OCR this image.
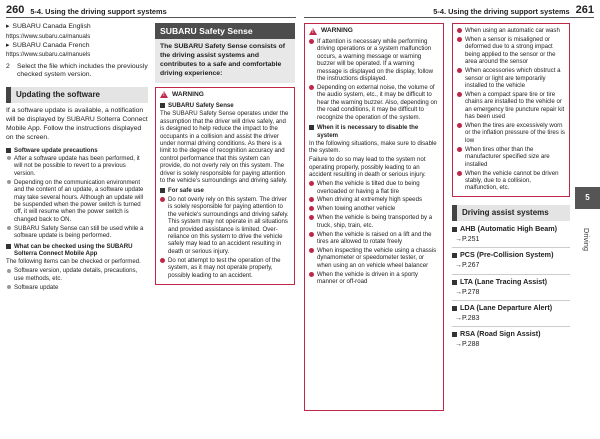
260 5-4. Using the driving support systems	5-4. Using the driving support systems 261
▸ SUBARU Canada English
https://www.subaru.ca/manuals
▸ SUBARU Canada French
https://www.subaru.ca/manuels
2	Select the file which includes the previously checked system version.
Updating the software
If a software update is available, a notification will be displayed by SUBARU Solterra Connect Mobile App. Follow the instructions displayed on the screen.
Software update precautions
After a software update has been performed, it will not be possible to revert to a previous version.
Depending on the communication environment and the content of an update, a software update may take several hours. Although an update will be suspended when the power switch is turned off, it will resume when the power switch is changed back to ON.
SUBARU Safety Sense can still be used while a software update is being performed.
What can be checked using the SUBARU Solterra Connect Mobile App
The following items can be checked or performed.
Software version, update details, precautions, use methods, etc.
Software update
SUBARU Safety Sense
The SUBARU Safety Sense consists of the driving assist systems and contributes to a safe and comfortable driving experience:
! WARNING
SUBARU Safety Sense
The SUBARU Safety Sense operates under the assumption that the driver will drive safely, and is designed to help reduce the impact to the occupants in a collision and assist the driver under normal driving conditions. As there is a limit to the degree of recognition accuracy and control performance that this system can provide, do not overly rely on this system. The driver is solely responsible for paying attention to the vehicle's surroundings and driving safely.
For safe use
Do not overly rely on this system. The driver is solely responsible for paying attention to the vehicle's surroundings and driving safely. This system may not operate in all situations and provided assistance is limited. Over-reliance on this system to drive the vehicle safely may lead to an accident resulting in death or serious injury.
Do not attempt to test the operation of the system, as it may not operate properly, possibly leading to an accident.
! WARNING
If attention is necessary while performing driving operations or a system malfunction occurs, a warning message or warning buzzer will be operated. If a warning message is displayed on the display, follow the instructions displayed.
Depending on external noise, the volume of the audio system, etc., it may be difficult to hear the warning buzzer. Also, depending on the road conditions, it may be difficult to recognize the operation of the system.
When it is necessary to disable the system
In the following situations, make sure to disable the system.
Failure to do so may lead to the system not operating properly, possibly leading to an accident resulting in death or serious injury.
When the vehicle is tilted due to being overloaded or having a flat tire
When driving at extremely high speeds
When towing another vehicle
When the vehicle is being transported by a truck, ship, train, etc.
When the vehicle is raised on a lift and the tires are allowed to rotate freely
When inspecting the vehicle using a chassis dynamometer or speedometer tester, or when using an on vehicle wheel balancer
When the vehicle is driven in a sporty manner or off-road
When using an automatic car wash
When a sensor is misaligned or deformed due to a strong impact being applied to the sensor or the area around the sensor
When accessories which obstruct a sensor or light are temporarily installed to the vehicle
When a compact spare tire or tire chains are installed to the vehicle or an emergency tire puncture repair kit has been used
When the tires are excessively worn or the inflation pressure of the tires is low
When tires other than the manufacturer specified size are installed
When the vehicle cannot be driven stably, due to a collision, malfunction, etc.
Driving assist systems
AHB (Automatic High Beam)
→P.251
PCS (Pre-Collision System)
→P.267
LTA (Lane Tracing Assist)
→P.278
LDA (Lane Departure Alert)
→P.283
RSA (Road Sign Assist)
→P.288
5
Driving
